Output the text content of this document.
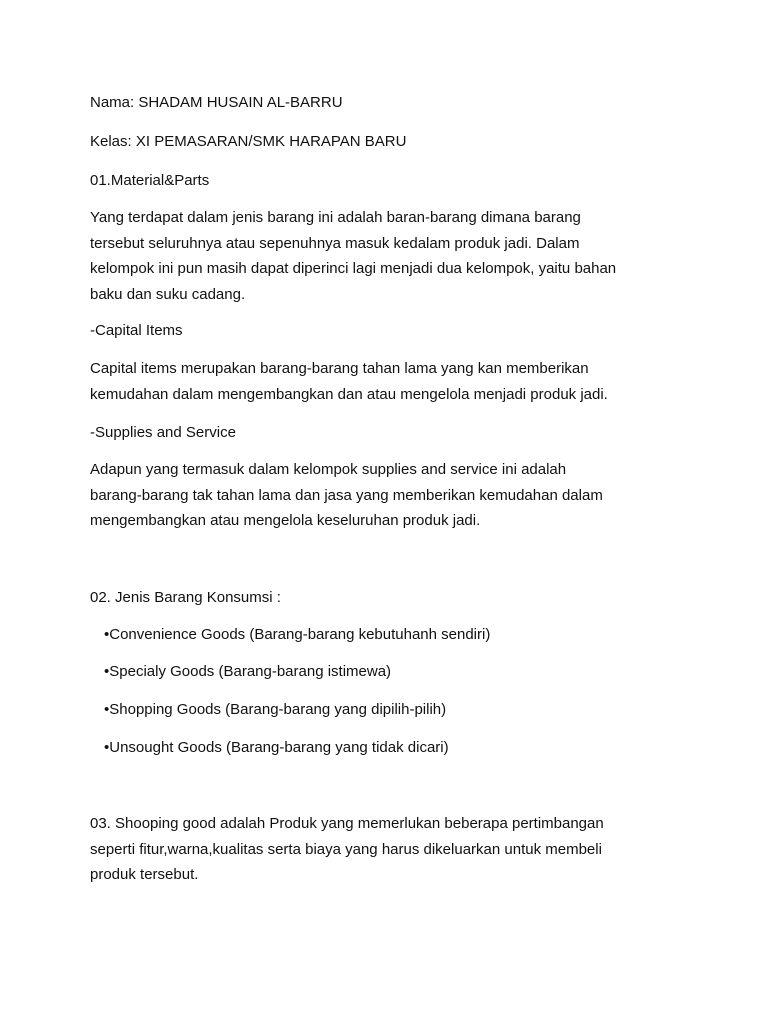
Nama: SHADAM HUSAIN AL-BARRU
Kelas: XI PEMASARAN/SMK HARAPAN BARU
01.Material&Parts
Yang terdapat dalam jenis barang ini adalah baran-barang dimana barang
tersebut seluruhnya atau sepenuhnya masuk kedalam produk jadi. Dalam
kelompok ini pun masih dapat diperinci lagi menjadi dua kelompok, yaitu bahan
baku dan suku cadang.
-Capital Items
Capital items merupakan barang-barang tahan lama yang kan memberikan
kemudahan dalam mengembangkan dan atau mengelola menjadi produk jadi.
-Supplies and Service
Adapun yang termasuk dalam kelompok supplies and service ini adalah
barang-barang tak tahan lama dan jasa yang memberikan kemudahan dalam
mengembangkan atau mengelola keseluruhan produk jadi.
02. Jenis Barang Konsumsi :
•Convenience Goods (Barang-barang kebutuhanh sendiri)
•Specialy Goods (Barang-barang istimewa)
•Shopping Goods (Barang-barang yang dipilih-pilih)
•Unsought Goods (Barang-barang yang tidak dicari)
03. Shooping good adalah Produk yang memerlukan beberapa pertimbangan
seperti fitur,warna,kualitas serta biaya yang harus dikeluarkan untuk membeli
produk tersebut.
